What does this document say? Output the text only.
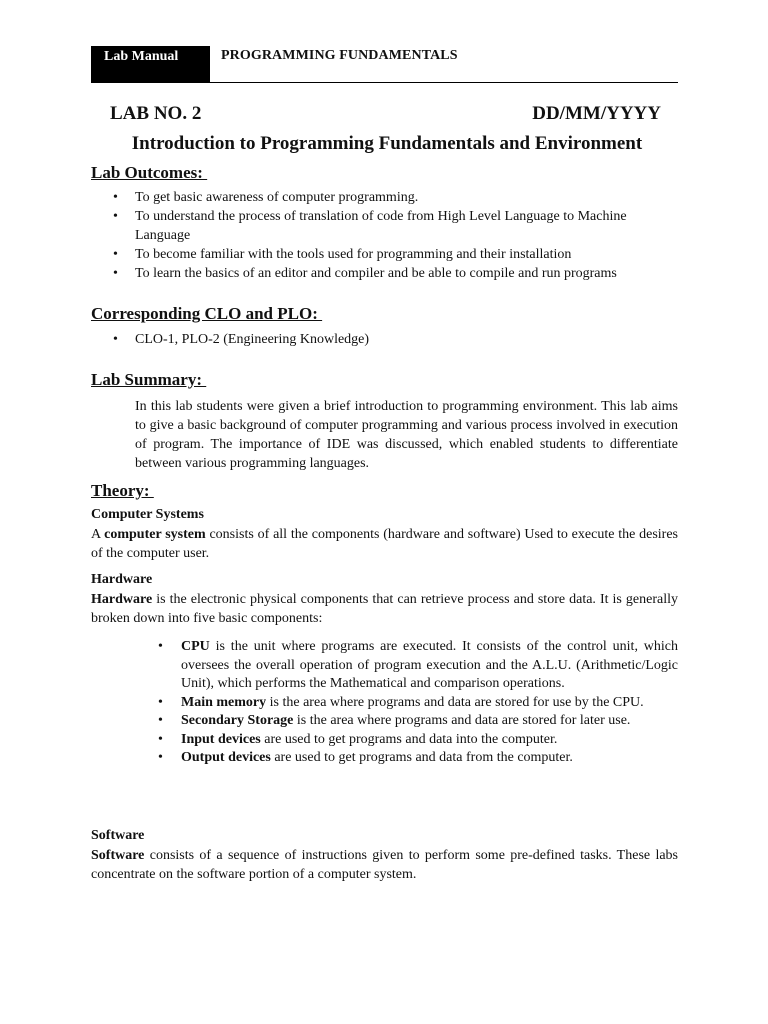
Lab Manual	PROGRAMMING FUNDAMENTALS
LAB NO. 2	DD/MM/YYYY
Introduction to Programming Fundamentals and Environment
Lab Outcomes:
• To get basic awareness of computer programming.
• To understand the process of translation of code from High Level Language to Machine Language
• To become familiar with the tools used for programming and their installation
• To learn the basics of an editor and compiler and be able to compile and run programs
Corresponding CLO and PLO:
• CLO-1, PLO-2 (Engineering Knowledge)
Lab Summary:
In this lab students were given a brief introduction to programming environment. This lab aims to give a basic background of computer programming and various process involved in execution of program. The importance of IDE was discussed, which enabled students to differentiate between various programming languages.
Theory:
Computer Systems
A computer system consists of all the components (hardware and software) Used to execute the desires of the computer user.
Hardware
Hardware is the electronic physical components that can retrieve process and store data. It is generally broken down into five basic components:
• CPU is the unit where programs are executed. It consists of the control unit, which oversees the overall operation of program execution and the A.L.U. (Arithmetic/Logic Unit), which performs the Mathematical and comparison operations.
• Main memory is the area where programs and data are stored for use by the CPU.
• Secondary Storage is the area where programs and data are stored for later use.
• Input devices are used to get programs and data into the computer.
• Output devices are used to get programs and data from the computer.
Software
Software consists of a sequence of instructions given to perform some pre-defined tasks. These labs concentrate on the software portion of a computer system.
